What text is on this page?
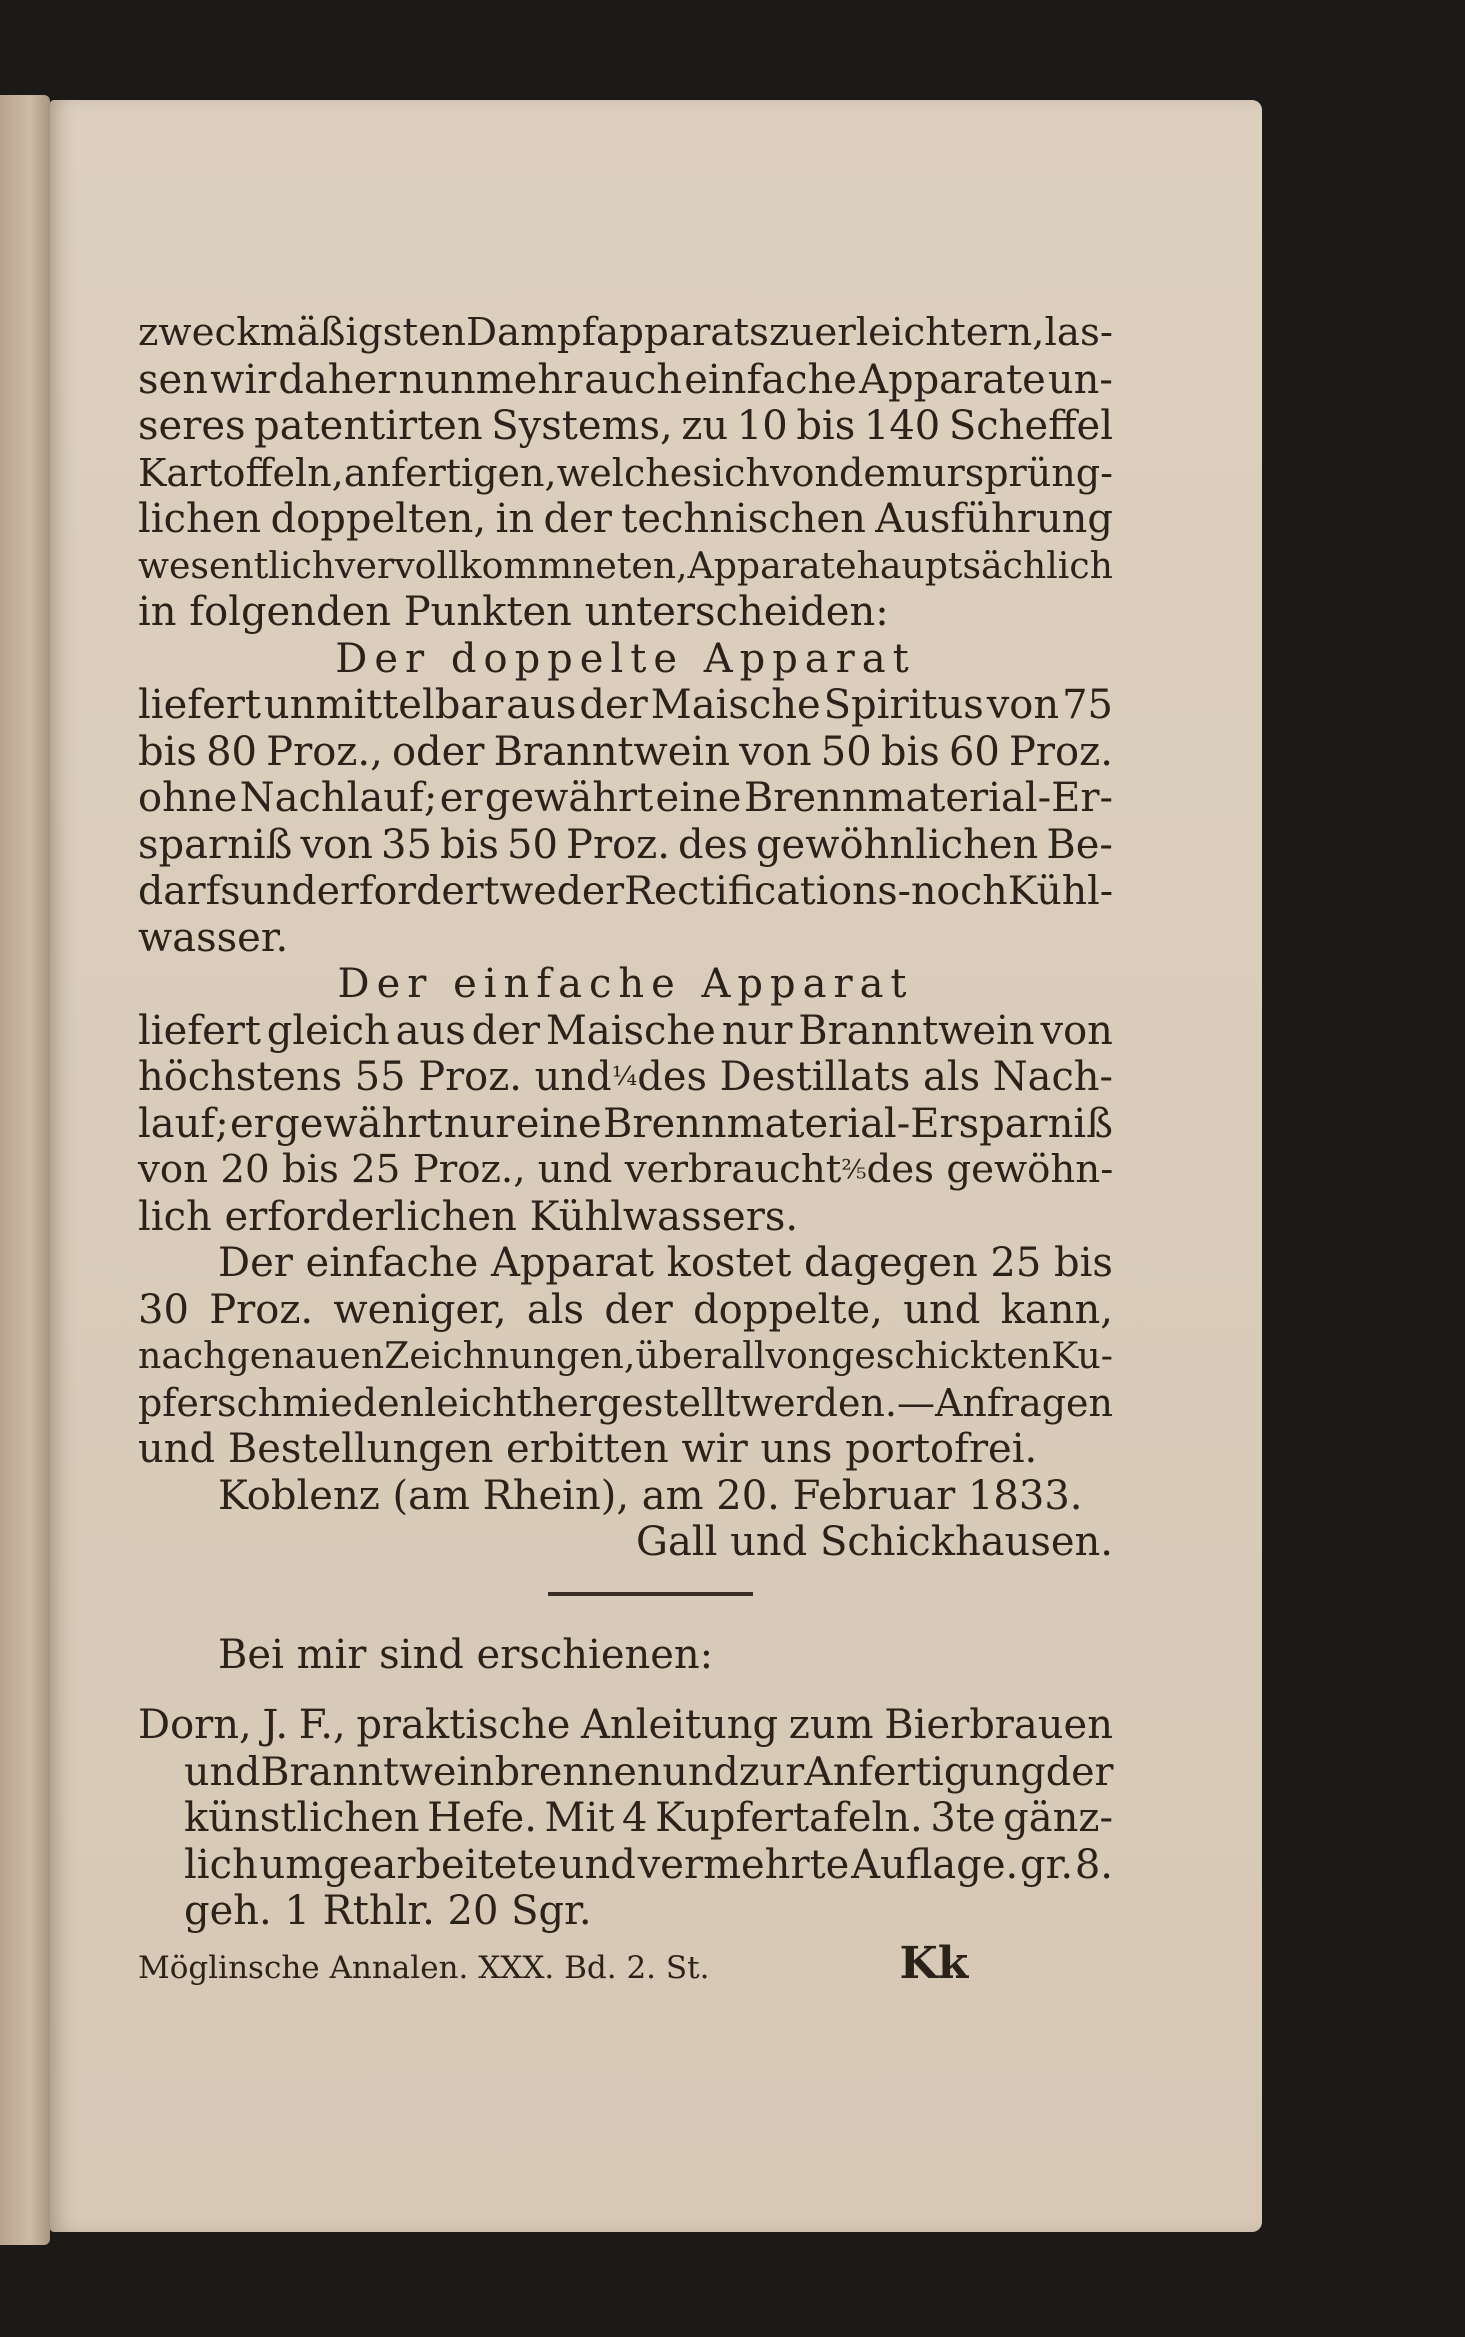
zweckmäßigsten Dampfapparats zu erleichtern, las-
sen wir daher nunmehr auch einfache Apparate un-
seres patentirten Systems, zu 10 bis 140 Scheffel
Kartoffeln, anfertigen, welche sich von dem ursprüng-
lichen doppelten, in der technischen Ausführung
wesentlich vervollkommneten, Apparate hauptsächlich
in folgenden Punkten unterscheiden:
Der doppelte Apparat
liefert unmittelbar aus der Maische Spiritus von 75
bis 80 Proz., oder Branntwein von 50 bis 60 Proz.
ohne Nachlauf; er gewährt eine Brennmaterial-Er-
sparniß von 35 bis 50 Proz. des gewöhnlichen Be-
darfs und erfordert weder Rectifications- noch Kühl-
wasser.
Der einfache Apparat
liefert gleich aus der Maische nur Branntwein von
höchstens 55 Proz. und ¼ des Destillats als Nach-
lauf; er gewährt nur eine Brennmaterial-Ersparniß
von 20 bis 25 Proz., und verbraucht ⅖ des gewöhn-
lich erforderlichen Kühlwassers.
Der einfache Apparat kostet dagegen 25 bis
30 Proz. weniger, als der doppelte, und kann,
nach genauen Zeichnungen, überall von geschickten Ku-
pferschmieden leicht hergestellt werden. — Anfragen
und Bestellungen erbitten wir uns portofrei.
Koblenz (am Rhein), am 20. Februar 1833.
Gall und Schickhausen.
Bei mir sind erschienen:
Dorn, J. F., praktische Anleitung zum Bierbrauen
und Branntweinbrennen und zur Anfertigung der
künstlichen Hefe. Mit 4 Kupfertafeln. 3te gänz-
lich umgearbeitete und vermehrte Auflage. gr. 8.
geh. 1 Rthlr. 20 Sgr.
Möglinsche Annalen. XXX. Bd. 2. St.	Kk
